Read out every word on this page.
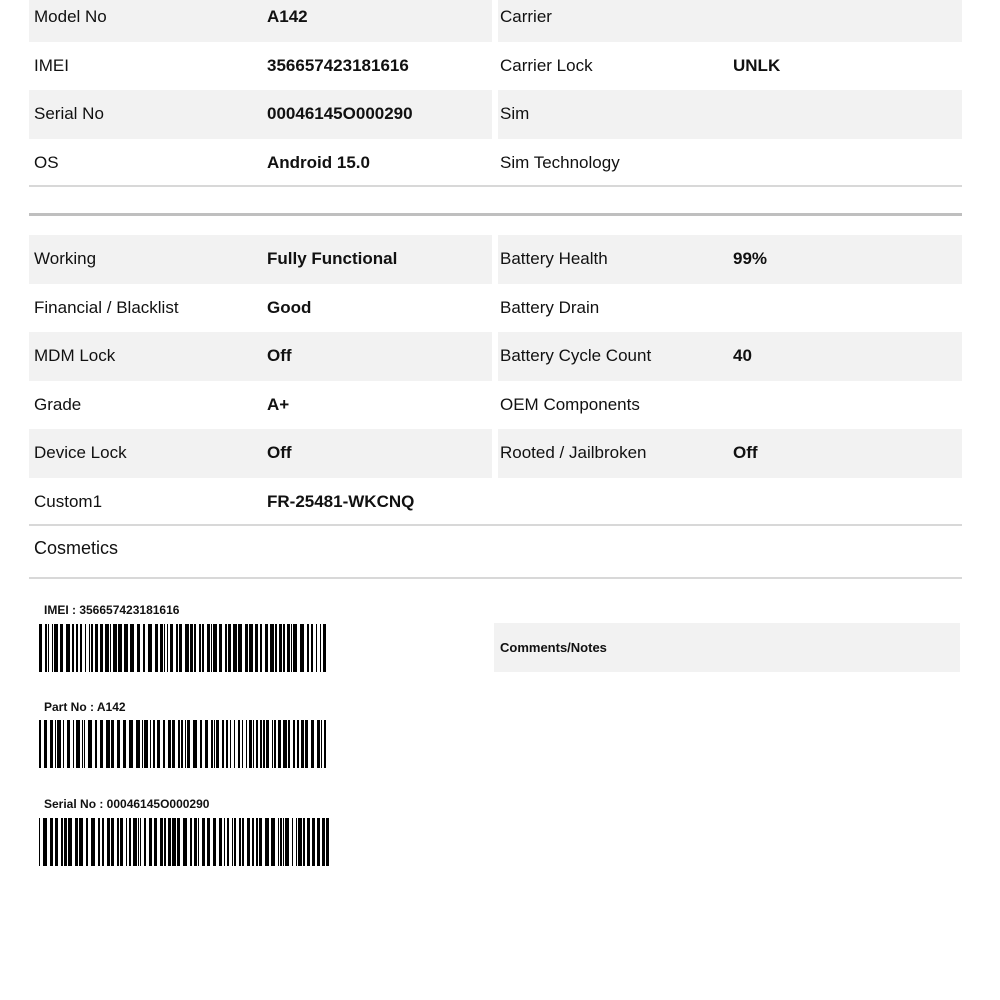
Model No	A142	Carrier
IMEI	356657423181616	Carrier Lock	UNLK
Serial No	00046145O000290	Sim
OS	Android 15.0	Sim Technology
Working	Fully Functional	Battery Health	99%
Financial / Blacklist	Good	Battery Drain
MDM Lock	Off	Battery Cycle Count	40
Grade	A+	OEM Components
Device Lock	Off	Rooted / Jailbroken	Off
Custom1	FR-25481-WKCNQ
Cosmetics
IMEI : 356657423181616
Part No : A142
Serial No : 00046145O000290
Comments/Notes
